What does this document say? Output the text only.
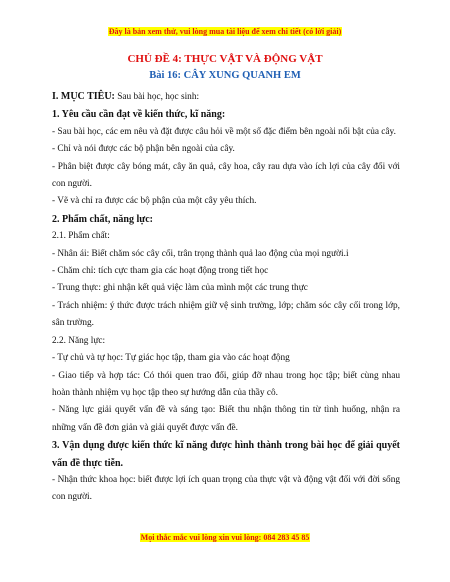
Đây là bản xem thử, vui lòng mua tài liệu để xem chi tiết (có lời giải)
CHỦ ĐỀ 4: THỰC VẬT VÀ ĐỘNG VẬT
Bài 16: CÂY XUNG QUANH EM

I. MỤC TIÊU: Sau bài học, học sinh:

1. Yêu cầu cần đạt về kiến thức, kĩ năng:

- Sau bài học, các em nêu và đặt được câu hỏi về một số đặc điểm bên ngoài nổi bật của cây.

- Chỉ và nói được các bộ phận bên ngoài của cây.

- Phân biệt được cây bóng mát, cây ăn quả, cây hoa, cây rau dựa vào ích lợi của cây đối với con người.

- Vẽ và chỉ ra được các bộ phận của một cây yêu thích.

2. Phẩm chất, năng lực:

2.1. Phẩm chất:

- Nhân ái: Biết chăm sóc cây cối, trân trọng thành quả lao động của mọi người.i

- Chăm chỉ: tích cực tham gia các hoạt động trong tiết học

- Trung thực: ghi nhận kết quả việc làm của mình một các trung thực

- Trách nhiệm: ý thức được trách nhiệm giữ vệ sinh trường, lớp; chăm sóc cây cối trong lớp, sân trường.

2.2. Năng lực:

- Tự chủ và tự học: Tự giác học tập, tham gia vào các hoạt động

- Giao tiếp và hợp tác: Có thói quen trao đổi, giúp đỡ nhau trong học tập; biết cùng nhau hoàn thành nhiệm vụ học tập theo sự hướng dẫn của thầy cô.

- Năng lực giải quyết vấn đề và sáng tạo: Biết thu nhận thông tin từ tình huống, nhận ra những vấn đề đơn giản và giải quyết được vấn đề.

3. Vận dụng được kiến thức kĩ năng được hình thành trong bài học để giải quyết vấn đề thực tiễn.

- Nhận thức khoa học: biết được lợi ích quan trọng của thực vật và động vật đối với đời sống con người.

Mọi thắc mắc vui lòng xin vui lòng: 084 283 45 85
